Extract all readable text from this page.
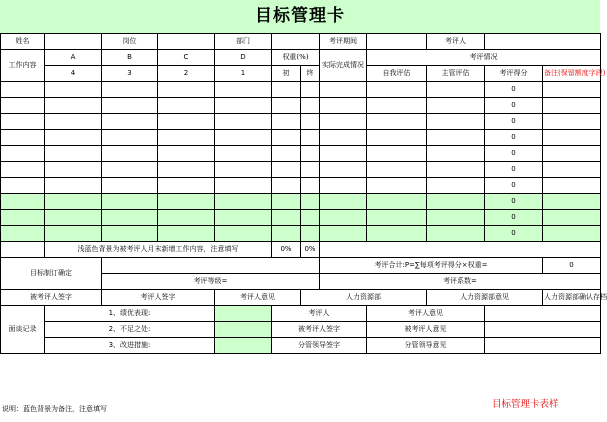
目标管理卡
姓名		岗位		部门			考评期间		考评人		
工作内容	A	B	C	D	权重(%)		实际完成情况	考评情况			
	4	3	2	1	初	终		自我评估	主管评估	考评得分	备注(保留额度字段)
										0	
										0	
										0	
										0	
										0	
										0	
										0	
										0	
										0	
										0	
	浅蓝色背景为被考评人月末新增工作内容，注意填写				0%	0%					
目标制订确定							考评合计:P=∑每项考评得分×权重=				0
		考评等级=					考评系数=				
被考评人签字		考评人签字		考评人意见		人力资源部			人力资源部意见		人力资源部确认存档
面谈记录	1、绩优表现:				考评人			考评人意见			
	2、不足之处:				被考评人签字			被考评人意见			
	3、改进措施:				分管领导签字			分管领导意见			
说明：蓝色背景为备注，注意填写	目标管理卡表样
